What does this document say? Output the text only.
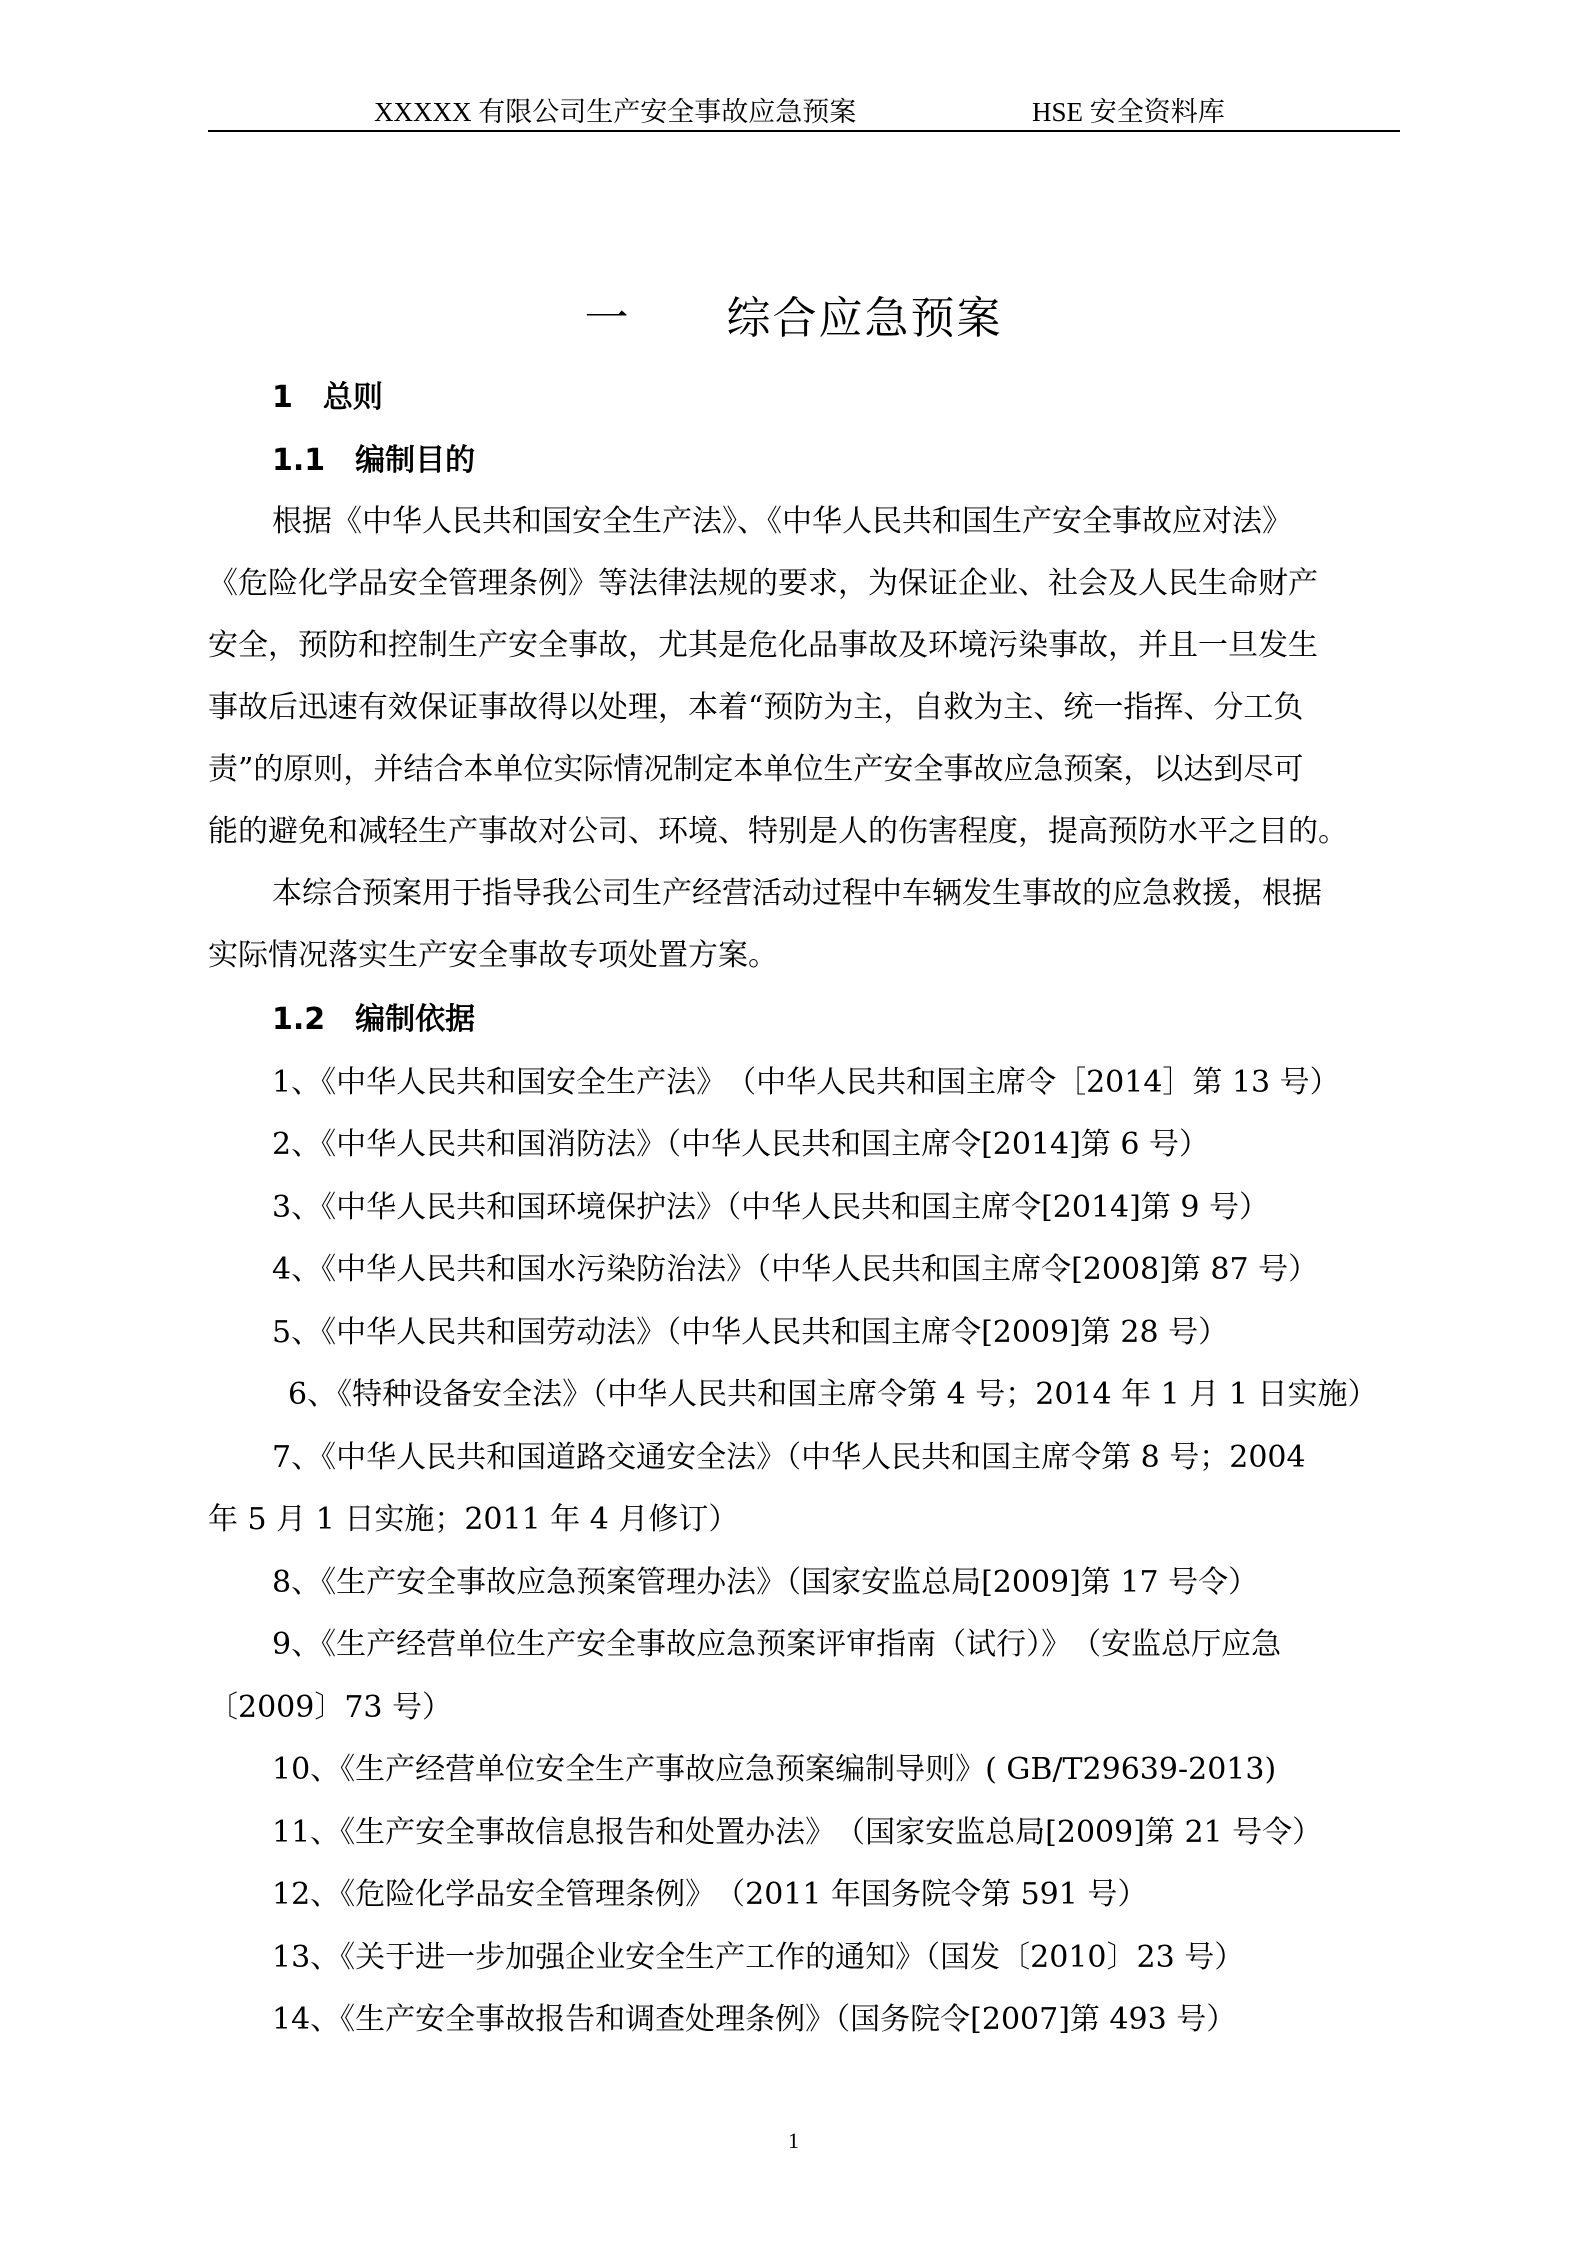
XXXXX 有限公司生产安全事故应急预案	HSE 安全资料库
一 综合应急预案
1　总则
1.1　编制目的
根据《中华人民共和国安全生产法》、《中华人民共和国生产安全事故应对法》
《危险化学品安全管理条例》等法律法规的要求，为保证企业、社会及人民生命财产
安全，预防和控制生产安全事故，尤其是危化品事故及环境污染事故，并且一旦发生
事故后迅速有效保证事故得以处理，本着“预防为主，自救为主、统一指挥、分工负
责”的原则，并结合本单位实际情况制定本单位生产安全事故应急预案，以达到尽可
能的避免和减轻生产事故对公司、环境、特别是人的伤害程度，提高预防水平之目的。
本综合预案用于指导我公司生产经营活动过程中车辆发生事故的应急救援，根据
实际情况落实生产安全事故专项处置方案。
1.2　编制依据
1、《中华人民共和国安全生产法》　（中华人民共和国主席令［2014］第 13 号）
2、《中华人民共和国消防法》（中华人民共和国主席令[2014]第 6 号）
3、《中华人民共和国环境保护法》（中华人民共和国主席令[2014]第 9 号）
4、《中华人民共和国水污染防治法》（中华人民共和国主席令[2008]第 87 号）
5、《中华人民共和国劳动法》（中华人民共和国主席令[2009]第 28 号）
6、《特种设备安全法》（中华人民共和国主席令第 4 号；2014 年 1 月 1 日实施）
7、《中华人民共和国道路交通安全法》（中华人民共和国主席令第 8 号；2004
年 5 月 1 日实施；2011 年 4 月修订）
8、《生产安全事故应急预案管理办法》（国家安监总局[2009]第 17 号令）
9、《生产经营单位生产安全事故应急预案评审指南（试行）》　（安监总厅应急
〔2009〕73 号）
10、《生产经营单位安全生产事故应急预案编制导则》( GB/T29639-2013)
11、《生产安全事故信息报告和处置办法》　（国家安监总局[2009]第 21 号令）
12、《危险化学品安全管理条例》　（2011 年国务院令第 591 号）
13、《关于进一步加强企业安全生产工作的通知》（国发〔2010〕23 号）
14、《生产安全事故报告和调查处理条例》（国务院令[2007]第 493 号）
1
